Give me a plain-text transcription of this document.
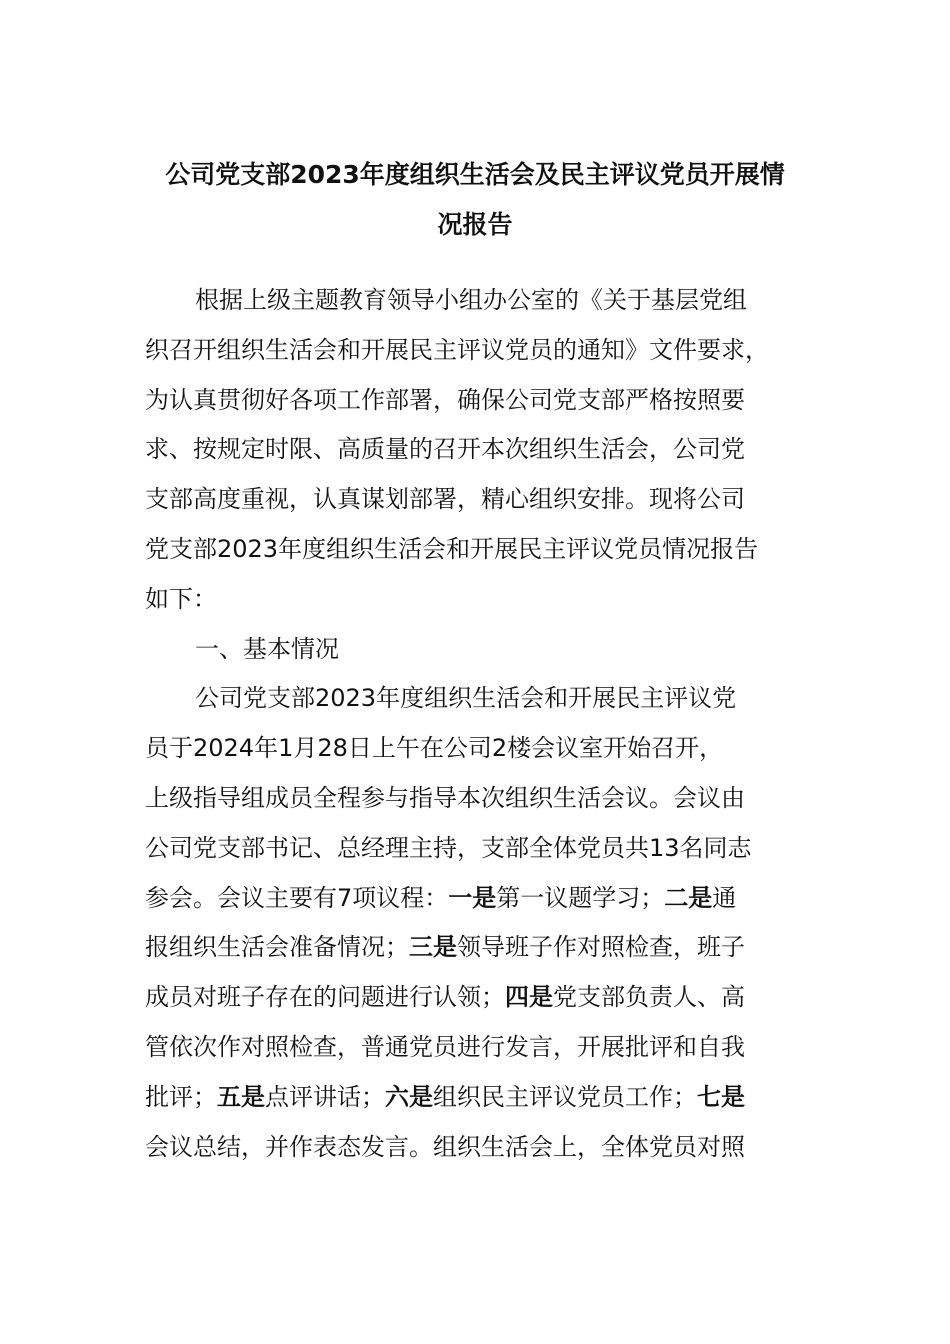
公司党支部2023年度组织生活会及民主评议党员开展情
况报告
根据上级主题教育领导小组办公室的《关于基层党组
织召开组织生活会和开展民主评议党员的通知》文件要求，
为认真贯彻好各项工作部署，确保公司党支部严格按照要
求、按规定时限、高质量的召开本次组织生活会，公司党
支部高度重视，认真谋划部署，精心组织安排。现将公司
党支部2023年度组织生活会和开展民主评议党员情况报告
如下：
一、基本情况
公司党支部2023年度组织生活会和开展民主评议党
员于2024年1月28日上午在公司2楼会议室开始召开，
上级指导组成员全程参与指导本次组织生活会议。会议由
公司党支部书记、总经理主持，支部全体党员共13名同志
参会。会议主要有7项议程：一是第一议题学习；二是通
报组织生活会准备情况；三是领导班子作对照检查，班子
成员对班子存在的问题进行认领；四是党支部负责人、高
管依次作对照检查，普通党员进行发言，开展批评和自我
批评；五是点评讲话；六是组织民主评议党员工作；七是
会议总结，并作表态发言。组织生活会上，全体党员对照
